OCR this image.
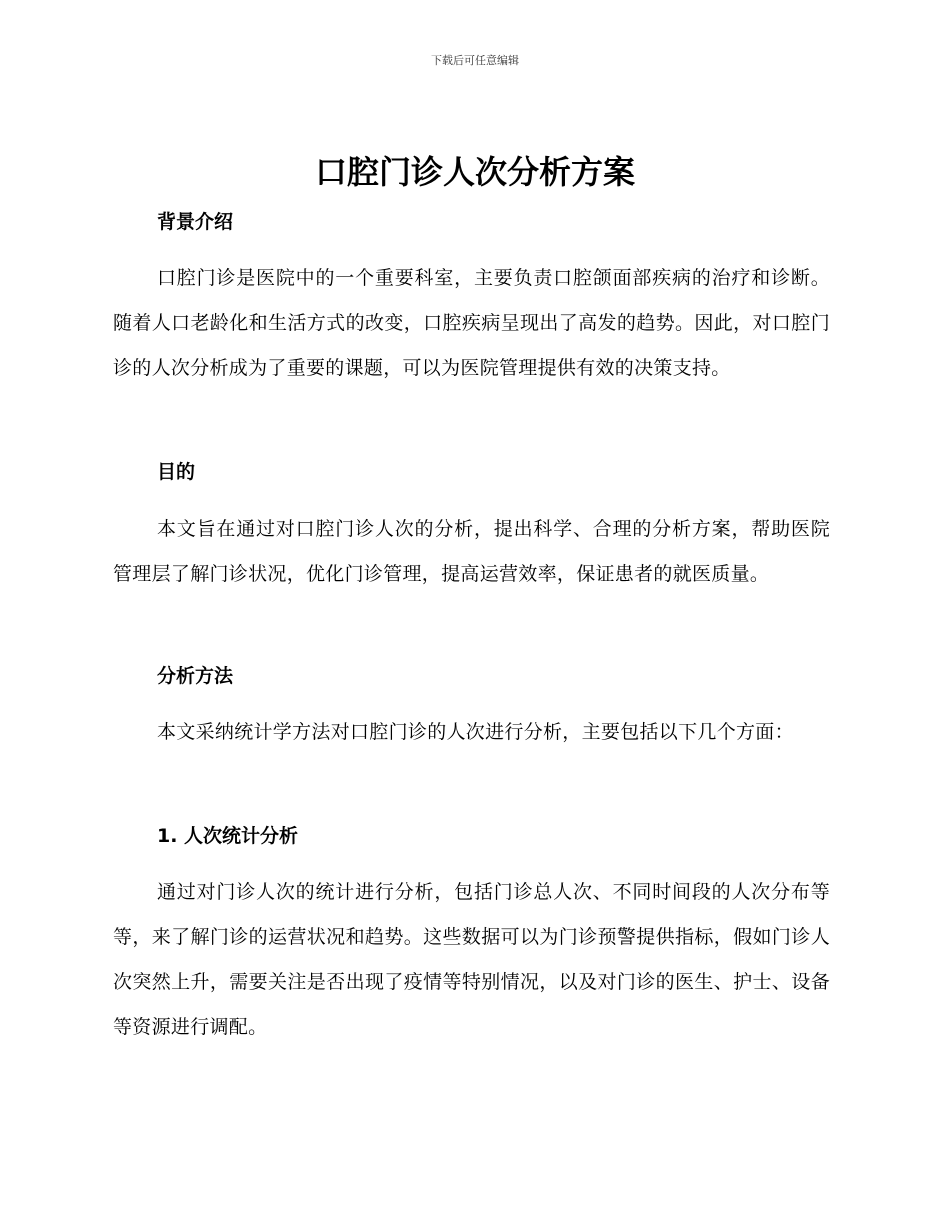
下载后可任意编辑
口腔门诊人次分析方案
背景介绍

口腔门诊是医院中的一个重要科室，主要负责口腔颌面部疾病的治疗和诊断。随着人口老龄化和生活方式的改变，口腔疾病呈现出了高发的趋势。因此，对口腔门诊的人次分析成为了重要的课题，可以为医院管理提供有效的决策支持。

目的

本文旨在通过对口腔门诊人次的分析，提出科学、合理的分析方案，帮助医院管理层了解门诊状况，优化门诊管理，提高运营效率，保证患者的就医质量。

分析方法

本文采纳统计学方法对口腔门诊的人次进行分析，主要包括以下几个方面：

1. 人次统计分析

通过对门诊人次的统计进行分析，包括门诊总人次、不同时间段的人次分布等等，来了解门诊的运营状况和趋势。这些数据可以为门诊预警提供指标，假如门诊人次突然上升，需要关注是否出现了疫情等特别情况，以及对门诊的医生、护士、设备等资源进行调配。
